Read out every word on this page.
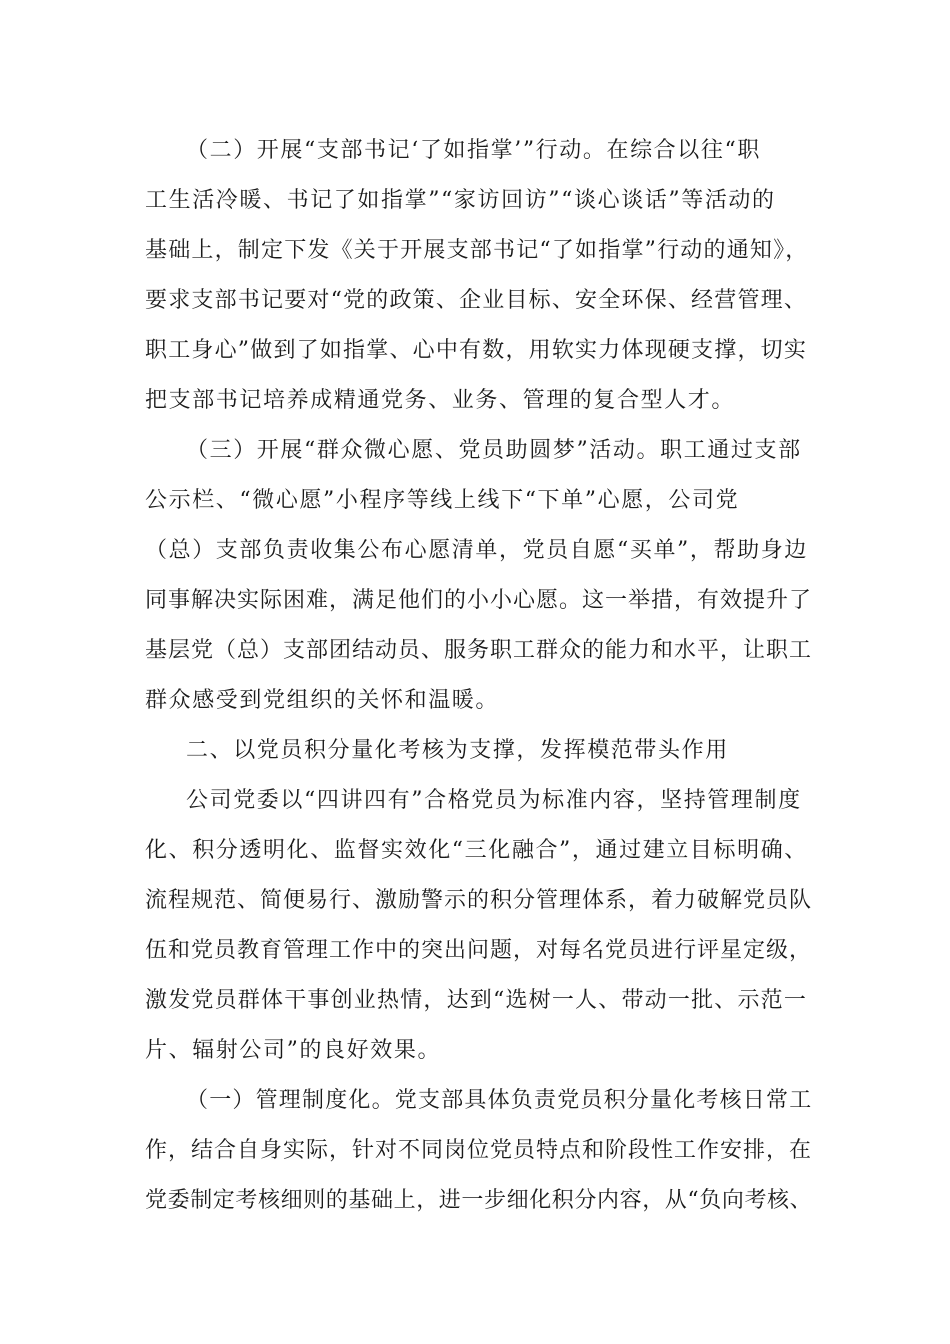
（二）开展“支部书记‘了如指掌’”行动。在综合以往“职
工生活冷暖、书记了如指掌”“家访回访”“谈心谈话”等活动的
基础上，制定下发《关于开展支部书记“了如指掌”行动的通知》，
要求支部书记要对“党的政策、企业目标、安全环保、经营管理、
职工身心”做到了如指掌、心中有数，用软实力体现硬支撑，切实
把支部书记培养成精通党务、业务、管理的复合型人才。
（三）开展“群众微心愿、党员助圆梦”活动。职工通过支部
公示栏、“微心愿”小程序等线上线下“下单”心愿，公司党
（总）支部负责收集公布心愿清单，党员自愿“买单”，帮助身边
同事解决实际困难，满足他们的小小心愿。这一举措，有效提升了
基层党（总）支部团结动员、服务职工群众的能力和水平，让职工
群众感受到党组织的关怀和温暖。
二、以党员积分量化考核为支撑，发挥模范带头作用
公司党委以“四讲四有”合格党员为标准内容，坚持管理制度
化、积分透明化、监督实效化“三化融合”，通过建立目标明确、
流程规范、简便易行、激励警示的积分管理体系，着力破解党员队
伍和党员教育管理工作中的突出问题，对每名党员进行评星定级，
激发党员群体干事创业热情，达到“选树一人、带动一批、示范一
片、辐射公司”的良好效果。
（一）管理制度化。党支部具体负责党员积分量化考核日常工
作，结合自身实际，针对不同岗位党员特点和阶段性工作安排，在
党委制定考核细则的基础上，进一步细化积分内容，从“负向考核、
